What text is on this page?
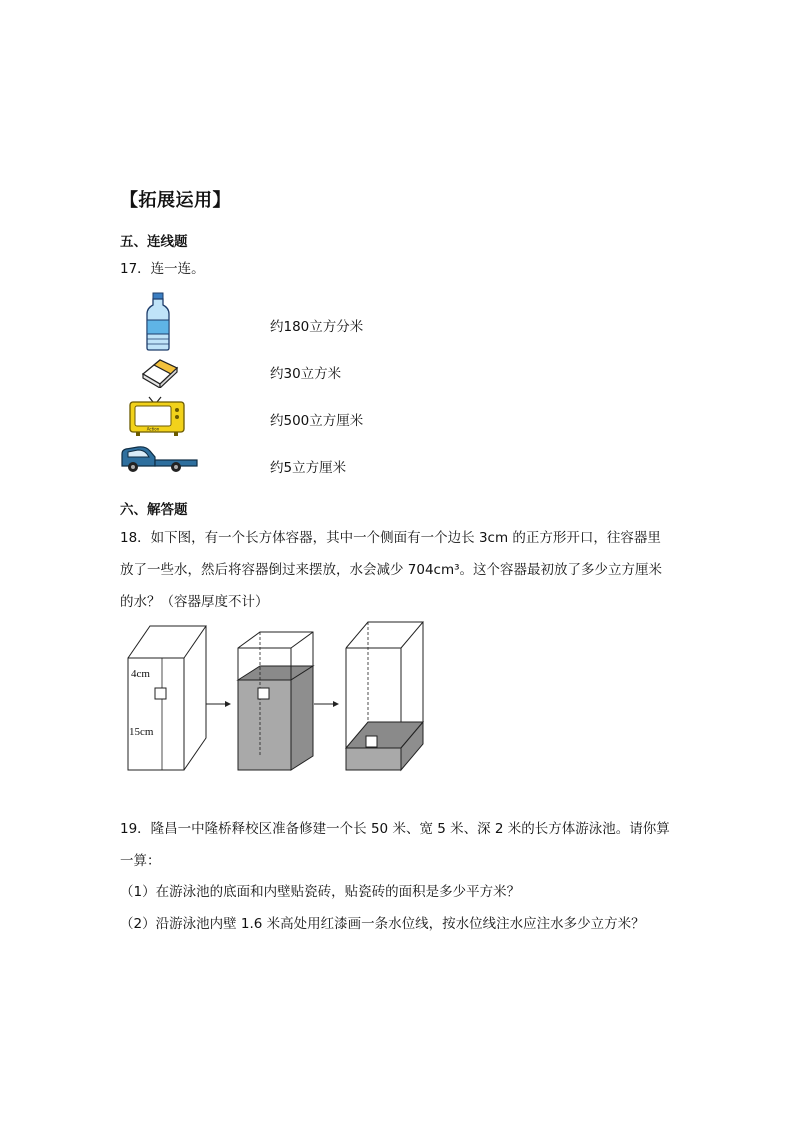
【拓展运用】
五、连线题
17．连一连。
Action
约180立方分米
约30立方米
约500立方厘米
约5立方厘米
六、解答题
18．如下图，有一个长方体容器，其中一个侧面有一个边长 3cm 的正方形开口，往容器里
放了一些水，然后将容器倒过来摆放，水会减少 704cm³。这个容器最初放了多少立方厘米
的水？（容器厚度不计）
4cm
15cm
19．隆昌一中隆桥释校区准备修建一个长 50 米、宽 5 米、深 2 米的长方体游泳池。请你算
一算：
（1）在游泳池的底面和内壁贴瓷砖，贴瓷砖的面积是多少平方米？
（2）沿游泳池内壁 1.6 米高处用红漆画一条水位线，按水位线注水应注水多少立方米？
